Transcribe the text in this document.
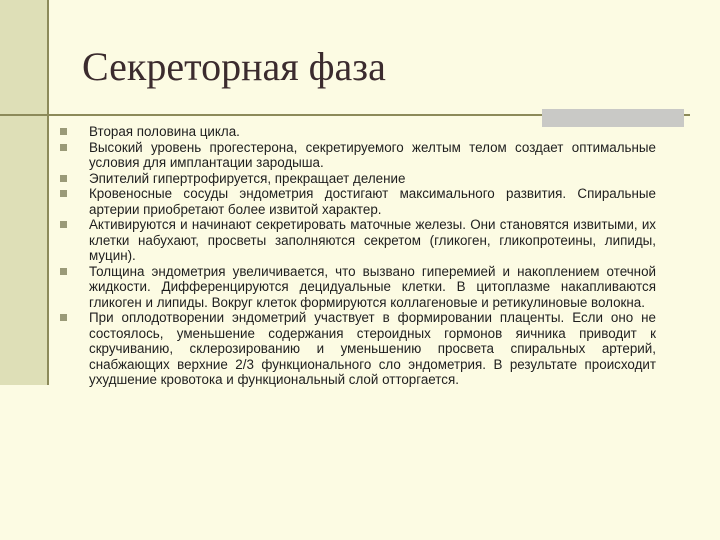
Секреторная фаза
Вторая половина цикла.
Высокий уровень прогестерона, секретируемого желтым телом создает оптимальные условия для имплантации зародыша.
Эпителий гипертрофируется, прекращает деление
Кровеносные сосуды эндометрия достигают максимального развития. Спиральные артерии приобретают более извитой характер.
Активируются и начинают секретировать маточные железы. Они становятся извитыми, их клетки набухают, просветы заполняются секретом (гликоген, гликопротеины, липиды, муцин).
Толщина эндометрия увеличивается, что вызвано гиперемией и накоплением отечной жидкости. Дифференцируются децидуальные клетки. В цитоплазме накапливаются гликоген и липиды. Вокруг клеток формируются коллагеновые и ретикулиновые волокна.
При оплодотворении эндометрий участвует в формировании плаценты. Если оно не состоялось, уменьшение содержания стероидных гормонов яичника приводит к скручиванию, склерозированию и уменьшению просвета спиральных артерий, снабжающих верхние 2/3 функционального сло эндометрия. В результате происходит ухудшение кровотока и функциональный слой отторгается.
